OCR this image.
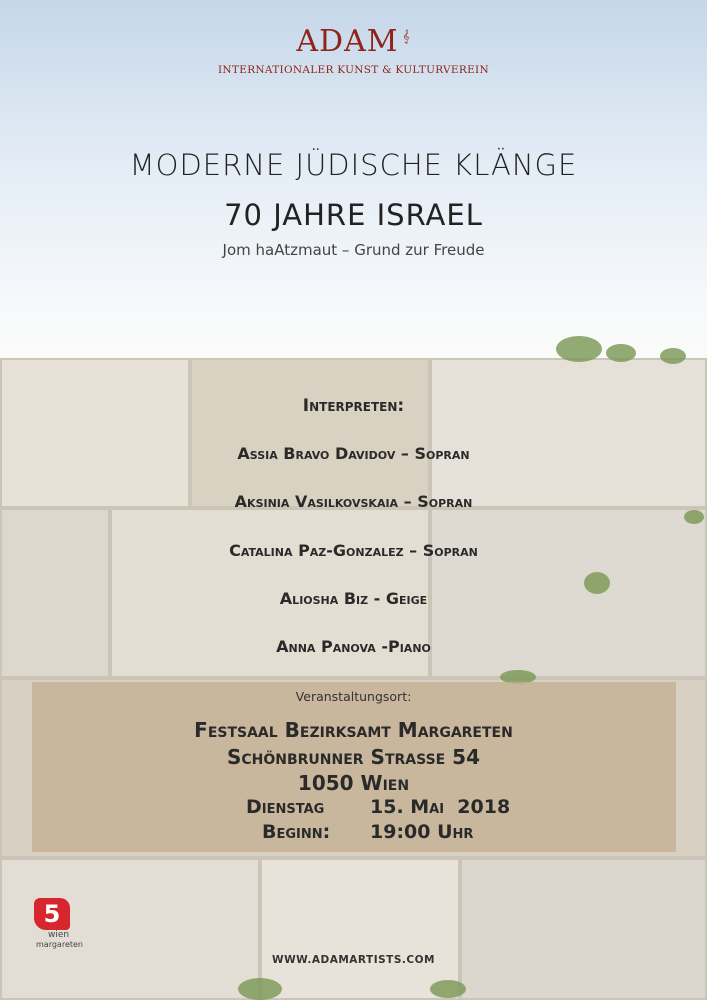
ADAM 𝄞
INTERNATIONALER KUNST & KULTURVEREIN
MODERNE JÜDISCHE KLÄNGE
70 JAHRE ISRAEL
Jom haAtzmaut – Grund zur Freude
Interpreten:
Assia Bravo Davidov – Sopran
Aksinia Vasilkovskaia – Sopran
Catalina Paz-Gonzalez – Sopran
Aliosha Biz - Geige
Anna Panova -Piano
Veranstaltungsort:
Festsaal Bezirksamt Margareten
Schönbrunner Strasse 54
1050 Wien
Dienstag 15. Mai  2018
Beginn: 19:00 Uhr
5
wien
margareten
WWW.ADAMARTISTS.COM
